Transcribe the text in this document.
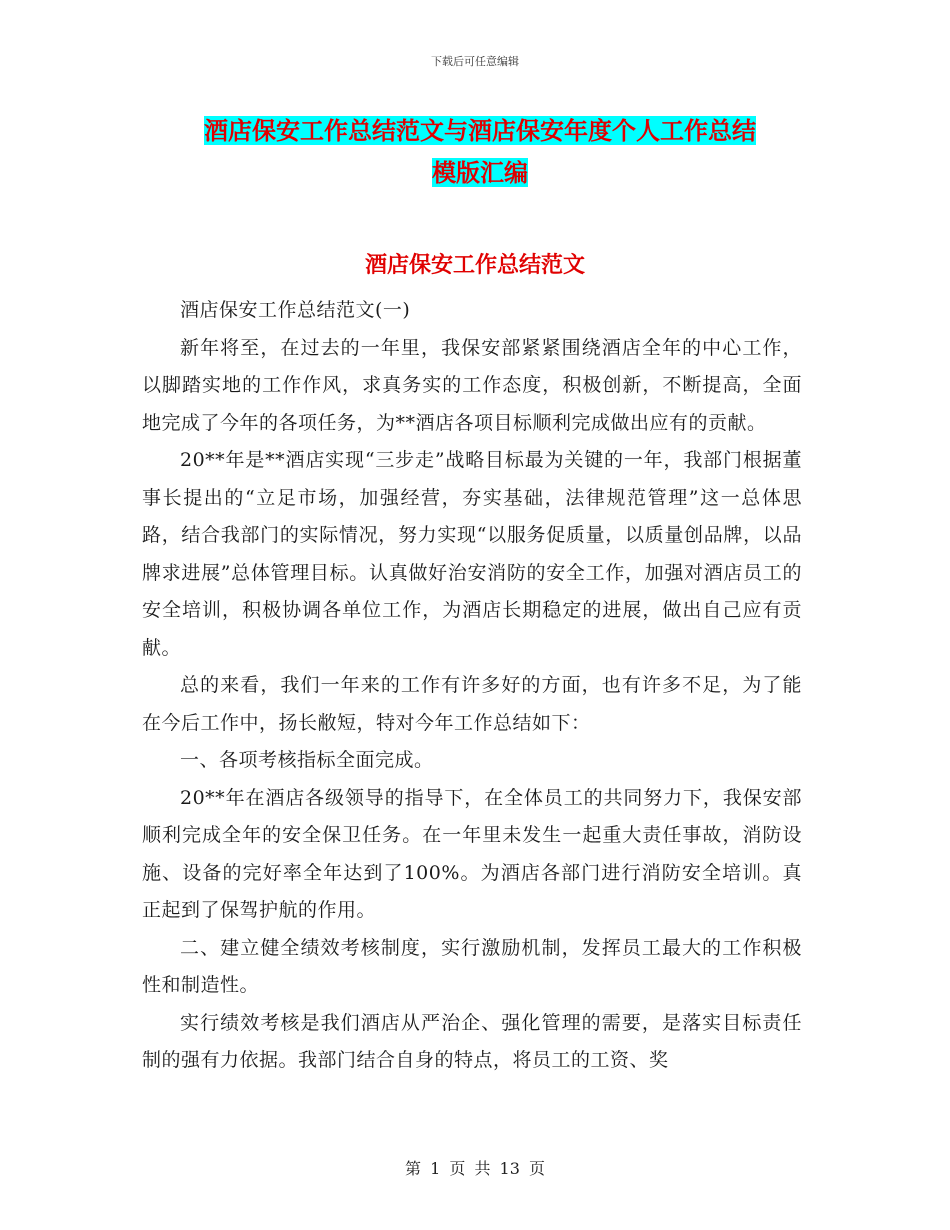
下载后可任意编辑
酒店保安工作总结范文与酒店保安年度个人工作总结
模版汇编
酒店保安工作总结范文

酒店保安工作总结范文(一)

新年将至，在过去的一年里，我保安部紧紧围绕酒店全年的中心工作，以脚踏实地的工作作风，求真务实的工作态度，积极创新，不断提高，全面地完成了今年的各项任务，为**酒店各项目标顺利完成做出应有的贡献。

20**年是**酒店实现“三步走”战略目标最为关键的一年，我部门根据董事长提出的“立足市场，加强经营，夯实基础，法律规范管理”这一总体思路，结合我部门的实际情况，努力实现“以服务促质量，以质量创品牌，以品牌求进展”总体管理目标。认真做好治安消防的安全工作，加强对酒店员工的安全培训，积极协调各单位工作，为酒店长期稳定的进展，做出自己应有贡献。

总的来看，我们一年来的工作有许多好的方面，也有许多不足，为了能在今后工作中，扬长敝短，特对今年工作总结如下：

一、各项考核指标全面完成。

20**年在酒店各级领导的指导下，在全体员工的共同努力下，我保安部顺利完成全年的安全保卫任务。在一年里未发生一起重大责任事故，消防设施、设备的完好率全年达到了100%。为酒店各部门进行消防安全培训。真正起到了保驾护航的作用。

二、建立健全绩效考核制度，实行激励机制，发挥员工最大的工作积极性和制造性。

实行绩效考核是我们酒店从严治企、强化管理的需要，是落实目标责任制的强有力依据。我部门结合自身的特点，将员工的工资、奖

第 1 页 共 13 页
